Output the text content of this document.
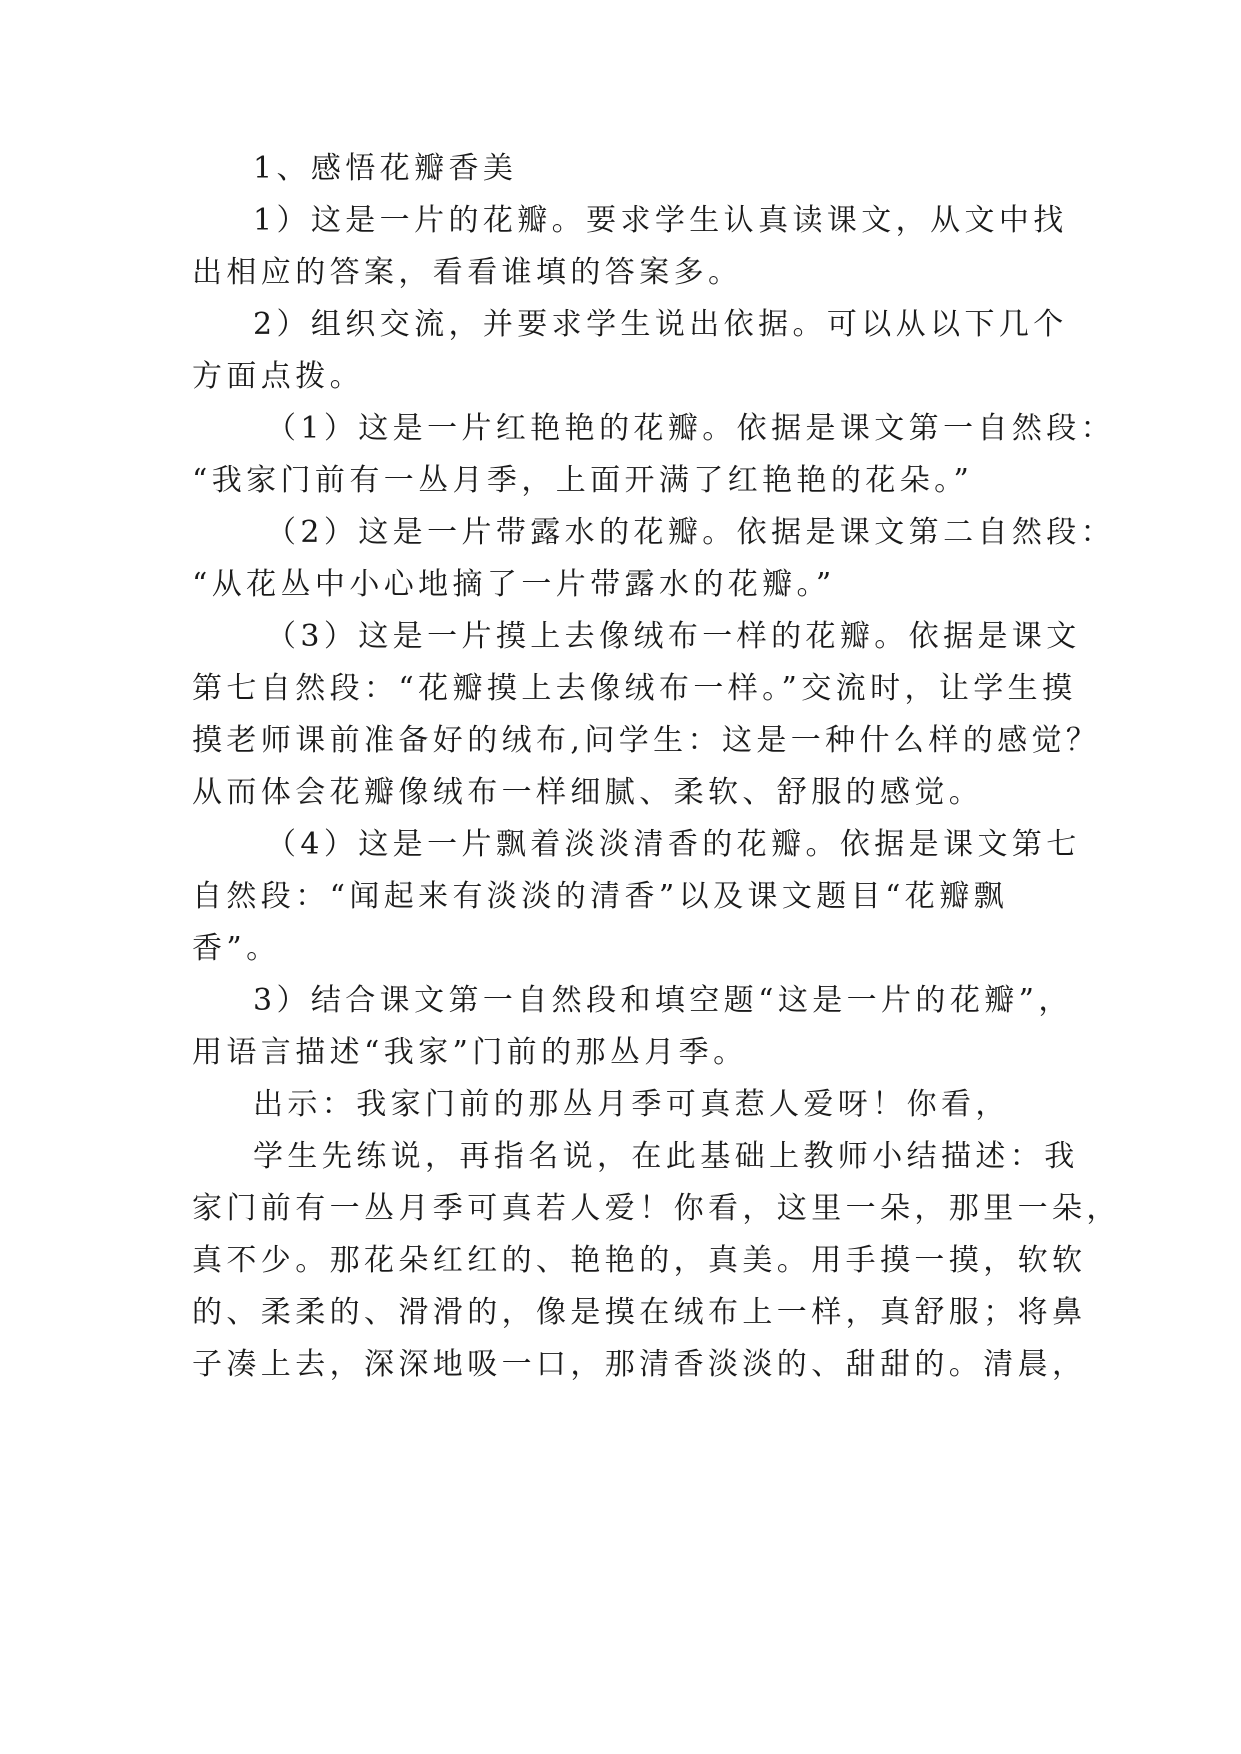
1、感悟花瓣香美
1）这是一片的花瓣。要求学生认真读课文，从文中找
出相应的答案，看看谁填的答案多。
2）组织交流，并要求学生说出依据。可以从以下几个
方面点拨。
（1）这是一片红艳艳的花瓣。依据是课文第一自然段：
“我家门前有一丛月季，上面开满了红艳艳的花朵。”
（2）这是一片带露水的花瓣。依据是课文第二自然段：
“从花丛中小心地摘了一片带露水的花瓣。”
（3）这是一片摸上去像绒布一样的花瓣。依据是课文
第七自然段：“花瓣摸上去像绒布一样。”交流时，让学生摸
摸老师课前准备好的绒布,问学生：这是一种什么样的感觉？
从而体会花瓣像绒布一样细腻、柔软、舒服的感觉。
（4）这是一片飘着淡淡清香的花瓣。依据是课文第七
自然段：“闻起来有淡淡的清香”以及课文题目“花瓣飘
香”。
3）结合课文第一自然段和填空题“这是一片的花瓣”，
用语言描述“我家”门前的那丛月季。
出示：我家门前的那丛月季可真惹人爱呀！你看，
学生先练说，再指名说，在此基础上教师小结描述：我
家门前有一丛月季可真若人爱！你看，这里一朵，那里一朵，
真不少。那花朵红红的、艳艳的，真美。用手摸一摸，软软
的、柔柔的、滑滑的，像是摸在绒布上一样，真舒服；将鼻
子凑上去，深深地吸一口，那清香淡淡的、甜甜的。清晨，
